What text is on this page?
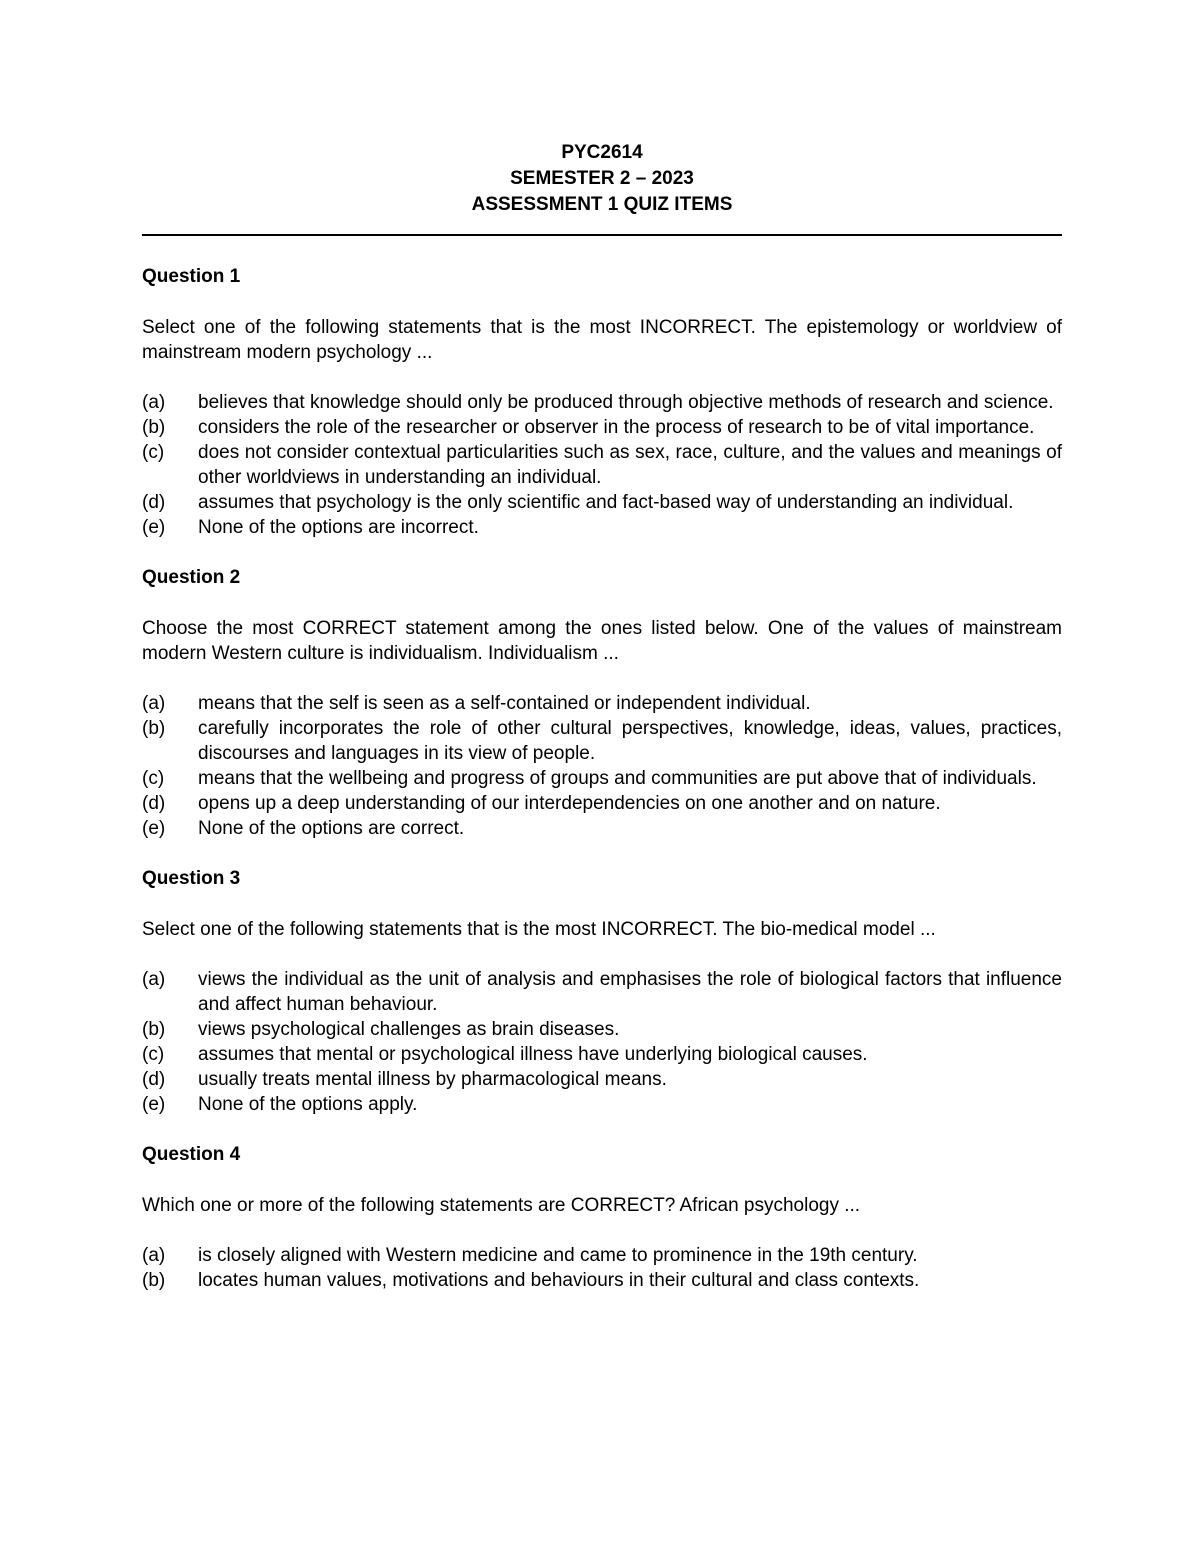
PYC2614
SEMESTER 2 – 2023
ASSESSMENT 1 QUIZ ITEMS
Question 1
Select one of the following statements that is the most INCORRECT. The epistemology or worldview of mainstream modern psychology ...
(a)	believes that knowledge should only be produced through objective methods of research and science.
(b)	considers the role of the researcher or observer in the process of research to be of vital importance.
(c)	does not consider contextual particularities such as sex, race, culture, and the values and meanings of other worldviews in understanding an individual.
(d)	assumes that psychology is the only scientific and fact-based way of understanding an individual.
(e)	None of the options are incorrect.
Question 2
Choose the most CORRECT statement among the ones listed below. One of the values of mainstream modern Western culture is individualism. Individualism ...
(a)	means that the self is seen as a self-contained or independent individual.
(b)	carefully incorporates the role of other cultural perspectives, knowledge, ideas, values, practices, discourses and languages in its view of people.
(c)	means that the wellbeing and progress of groups and communities are put above that of individuals.
(d)	opens up a deep understanding of our interdependencies on one another and on nature.
(e)	None of the options are correct.
Question 3
Select one of the following statements that is the most INCORRECT. The bio-medical model ...
(a)	views the individual as the unit of analysis and emphasises the role of biological factors that influence and affect human behaviour.
(b)	views psychological challenges as brain diseases.
(c)	assumes that mental or psychological illness have underlying biological causes.
(d)	usually treats mental illness by pharmacological means.
(e)	None of the options apply.
Question 4
Which one or more of the following statements are CORRECT? African psychology ...
(a)	is closely aligned with Western medicine and came to prominence in the 19th century.
(b)	locates human values, motivations and behaviours in their cultural and class contexts.
